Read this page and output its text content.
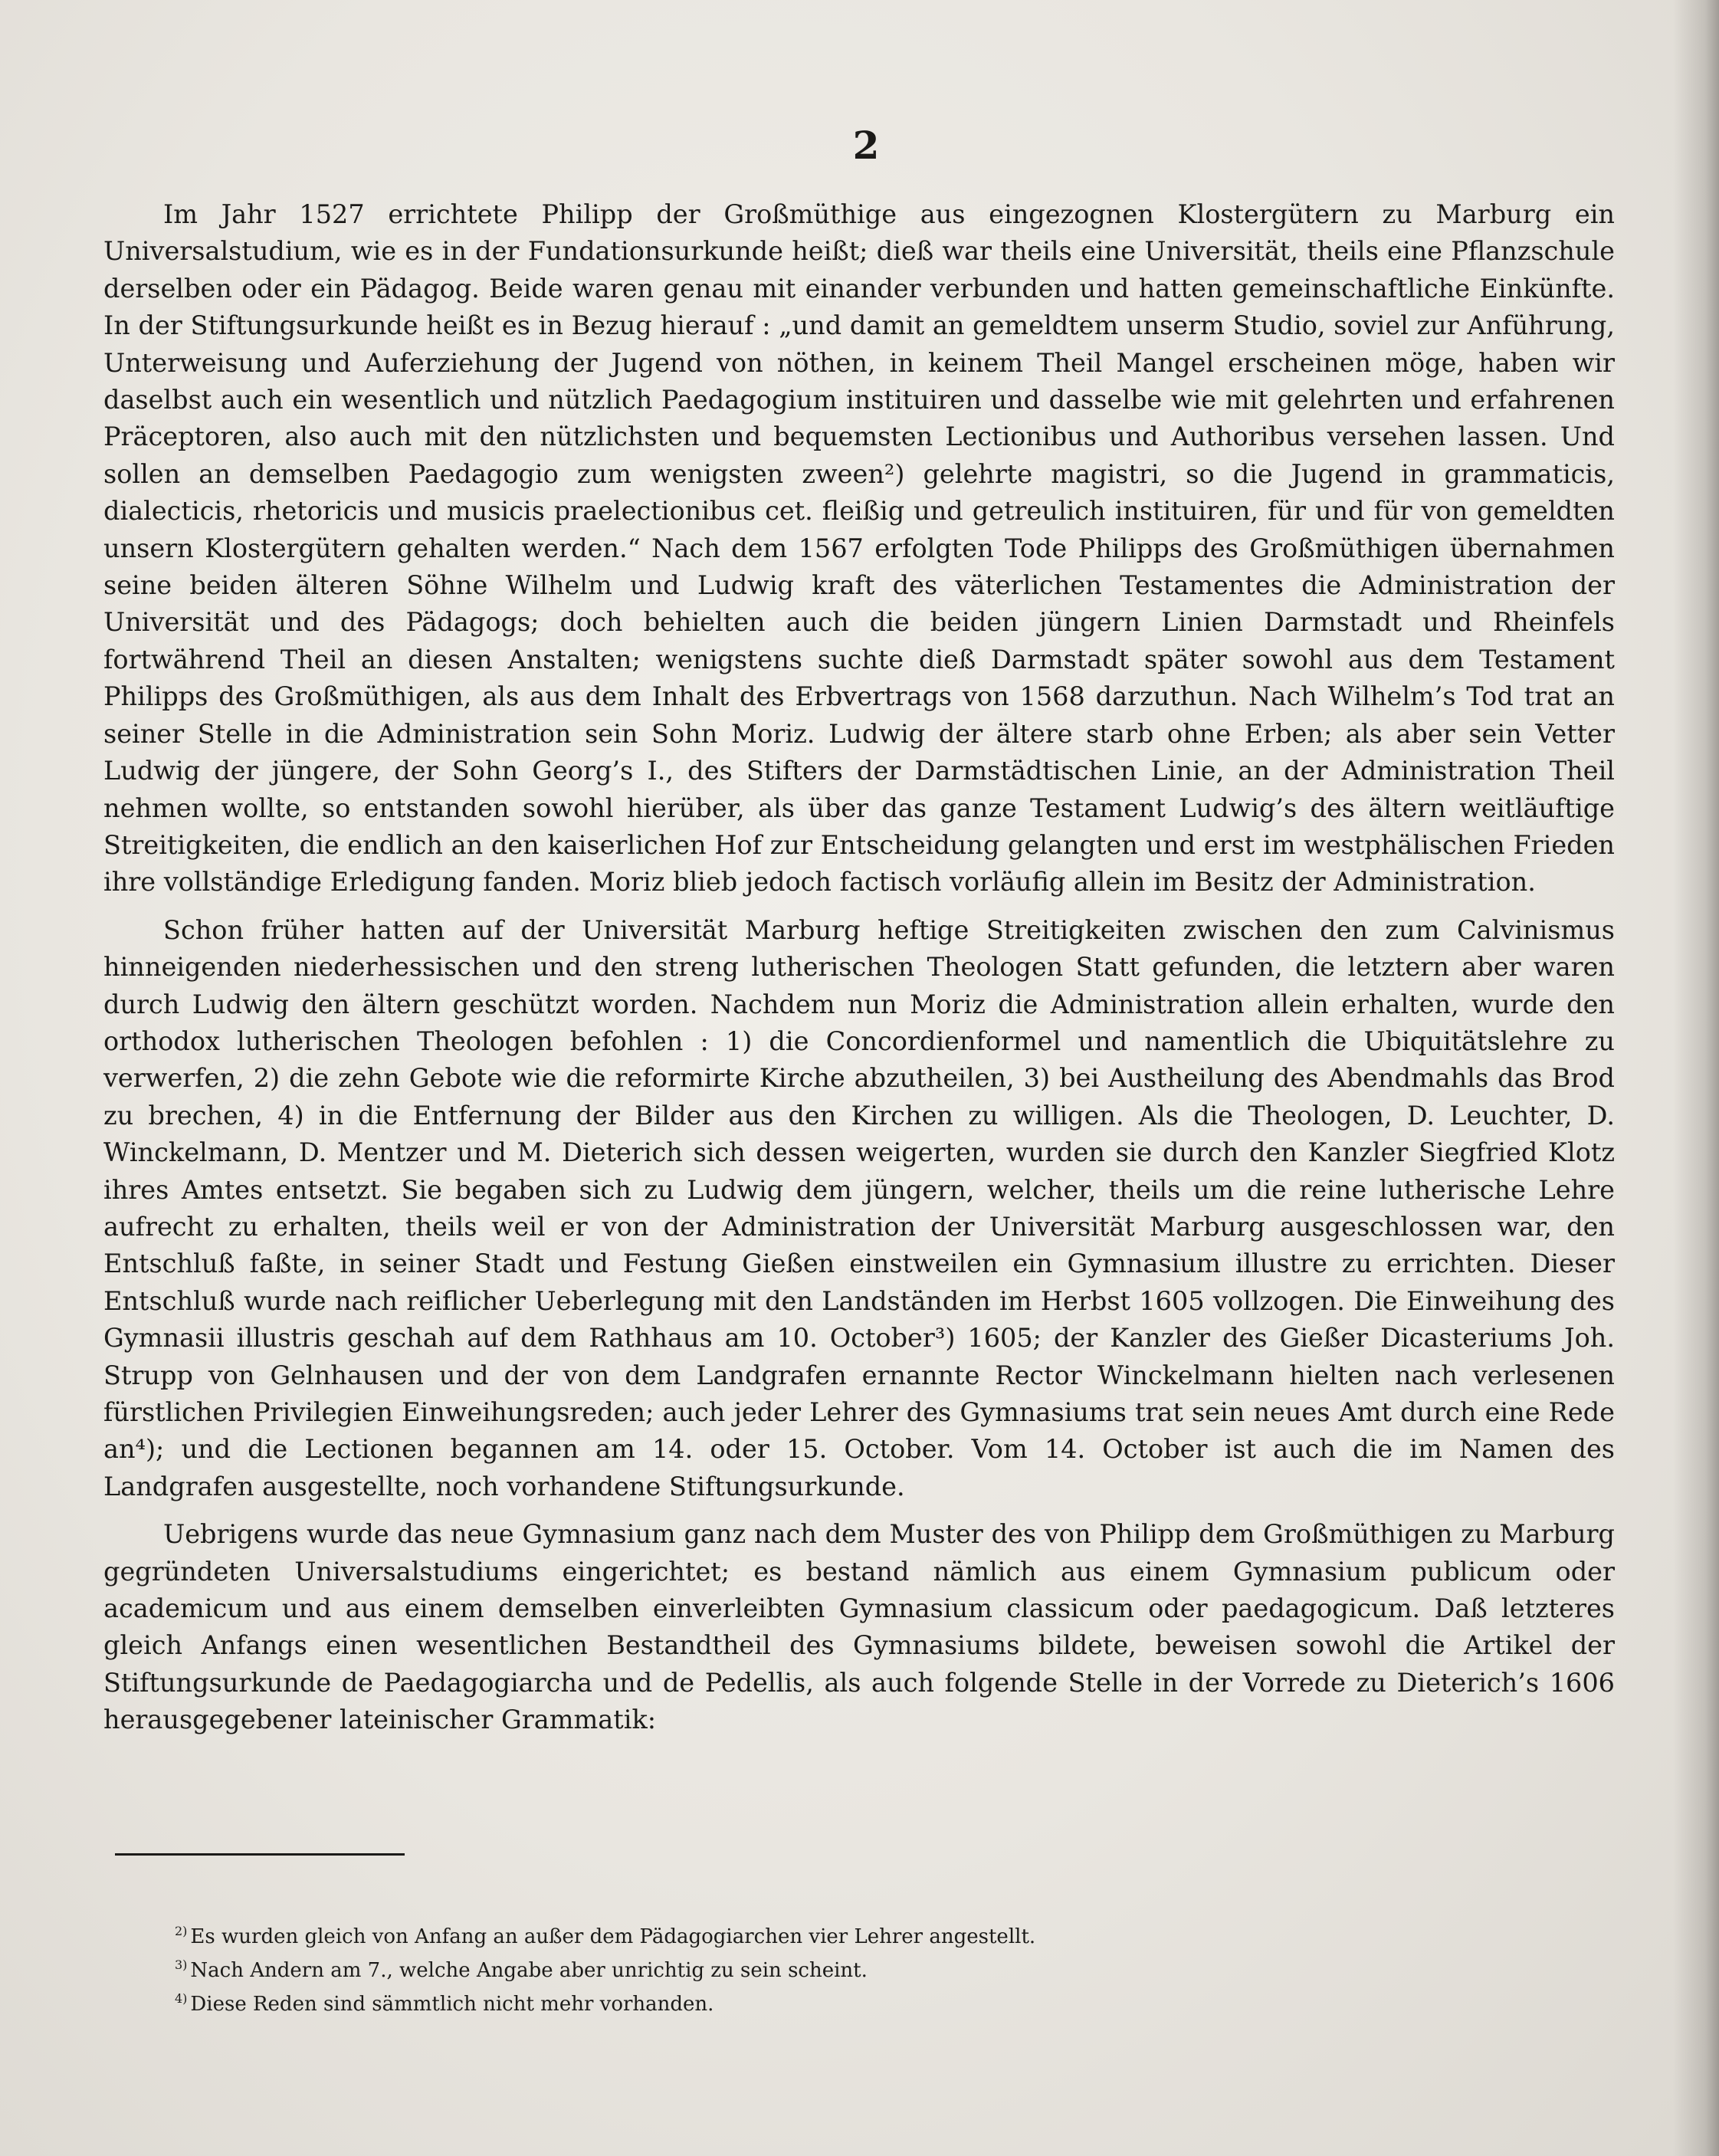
2

Im Jahr 1527 errichtete Philipp der Großmüthige aus eingezognen Klostergütern zu Marburg ein Universalstudium, wie es in der Fundationsurkunde heißt; dieß war theils eine Universität, theils eine Pflanzschule derselben oder ein Pädagog. Beide waren genau mit einander verbunden und hatten gemeinschaftliche Einkünfte. In der Stiftungsurkunde heißt es in Bezug hierauf : „und damit an gemeldtem unserm Studio, soviel zur Anführung, Unterweisung und Auferziehung der Jugend von nöthen, in keinem Theil Mangel erscheinen möge, haben wir daselbst auch ein wesentlich und nützlich Paedagogium instituiren und dasselbe wie mit gelehrten und erfahrenen Präceptoren, also auch mit den nützlichsten und bequemsten Lectionibus und Authoribus versehen lassen. Und sollen an demselben Paedagogio zum wenigsten zween²) gelehrte magistri, so die Jugend in grammaticis, dialecticis, rhetoricis und musicis praelectionibus cet. fleißig und getreulich instituiren, für und für von gemeldten unsern Klostergütern gehalten werden.“ Nach dem 1567 erfolgten Tode Philipps des Großmüthigen übernahmen seine beiden älteren Söhne Wilhelm und Ludwig kraft des väterlichen Testamentes die Administration der Universität und des Pädagogs; doch behielten auch die beiden jüngern Linien Darmstadt und Rheinfels fortwährend Theil an diesen Anstalten; wenigstens suchte dieß Darmstadt später sowohl aus dem Testament Philipps des Großmüthigen, als aus dem Inhalt des Erbvertrags von 1568 darzuthun. Nach Wilhelm’s Tod trat an seiner Stelle in die Administration sein Sohn Moriz. Ludwig der ältere starb ohne Erben; als aber sein Vetter Ludwig der jüngere, der Sohn Georg’s I., des Stifters der Darmstädtischen Linie, an der Administration Theil nehmen wollte, so entstanden sowohl hierüber, als über das ganze Testament Ludwig’s des ältern weitläuftige Streitigkeiten, die endlich an den kaiserlichen Hof zur Entscheidung gelangten und erst im westphälischen Frieden ihre vollständige Erledigung fanden. Moriz blieb jedoch factisch vorläufig allein im Besitz der Administration.

Schon früher hatten auf der Universität Marburg heftige Streitigkeiten zwischen den zum Calvinismus hinneigenden niederhessischen und den streng lutherischen Theologen Statt gefunden, die letztern aber waren durch Ludwig den ältern geschützt worden. Nachdem nun Moriz die Administration allein erhalten, wurde den orthodox lutherischen Theologen befohlen : 1) die Concordienformel und namentlich die Ubiquitätslehre zu verwerfen, 2) die zehn Gebote wie die reformirte Kirche abzutheilen, 3) bei Austheilung des Abendmahls das Brod zu brechen, 4) in die Entfernung der Bilder aus den Kirchen zu willigen. Als die Theologen, D. Leuchter, D. Winckelmann, D. Mentzer und M. Dieterich sich dessen weigerten, wurden sie durch den Kanzler Siegfried Klotz ihres Amtes entsetzt. Sie begaben sich zu Ludwig dem jüngern, welcher, theils um die reine lutherische Lehre aufrecht zu erhalten, theils weil er von der Administration der Universität Marburg ausgeschlossen war, den Entschluß faßte, in seiner Stadt und Festung Gießen einstweilen ein Gymnasium illustre zu errichten. Dieser Entschluß wurde nach reiflicher Ueberlegung mit den Landständen im Herbst 1605 vollzogen. Die Einweihung des Gymnasii illustris geschah auf dem Rathhaus am 10. October³) 1605; der Kanzler des Gießer Dicasteriums Joh. Strupp von Gelnhausen und der von dem Landgrafen ernannte Rector Winckelmann hielten nach verlesenen fürstlichen Privilegien Einweihungsreden; auch jeder Lehrer des Gymnasiums trat sein neues Amt durch eine Rede an⁴); und die Lectionen begannen am 14. oder 15. October. Vom 14. October ist auch die im Namen des Landgrafen ausgestellte, noch vorhandene Stiftungsurkunde.

Uebrigens wurde das neue Gymnasium ganz nach dem Muster des von Philipp dem Großmüthigen zu Marburg gegründeten Universalstudiums eingerichtet; es bestand nämlich aus einem Gymnasium publicum oder academicum und aus einem demselben einverleibten Gymnasium classicum oder paedagogicum. Daß letzteres gleich Anfangs einen wesentlichen Bestandtheil des Gymnasiums bildete, beweisen sowohl die Artikel der Stiftungsurkunde de Paedagogiarcha und de Pedellis, als auch folgende Stelle in der Vorrede zu Dieterich’s 1606 herausgegebener lateinischer Grammatik:

$^{2)}$ Es wurden gleich von Anfang an außer dem Pädagogiarchen vier Lehrer angestellt.
$^{3)}$ Nach Andern am 7., welche Angabe aber unrichtig zu sein scheint.
$^{4)}$ Diese Reden sind sämmtlich nicht mehr vorhanden.
